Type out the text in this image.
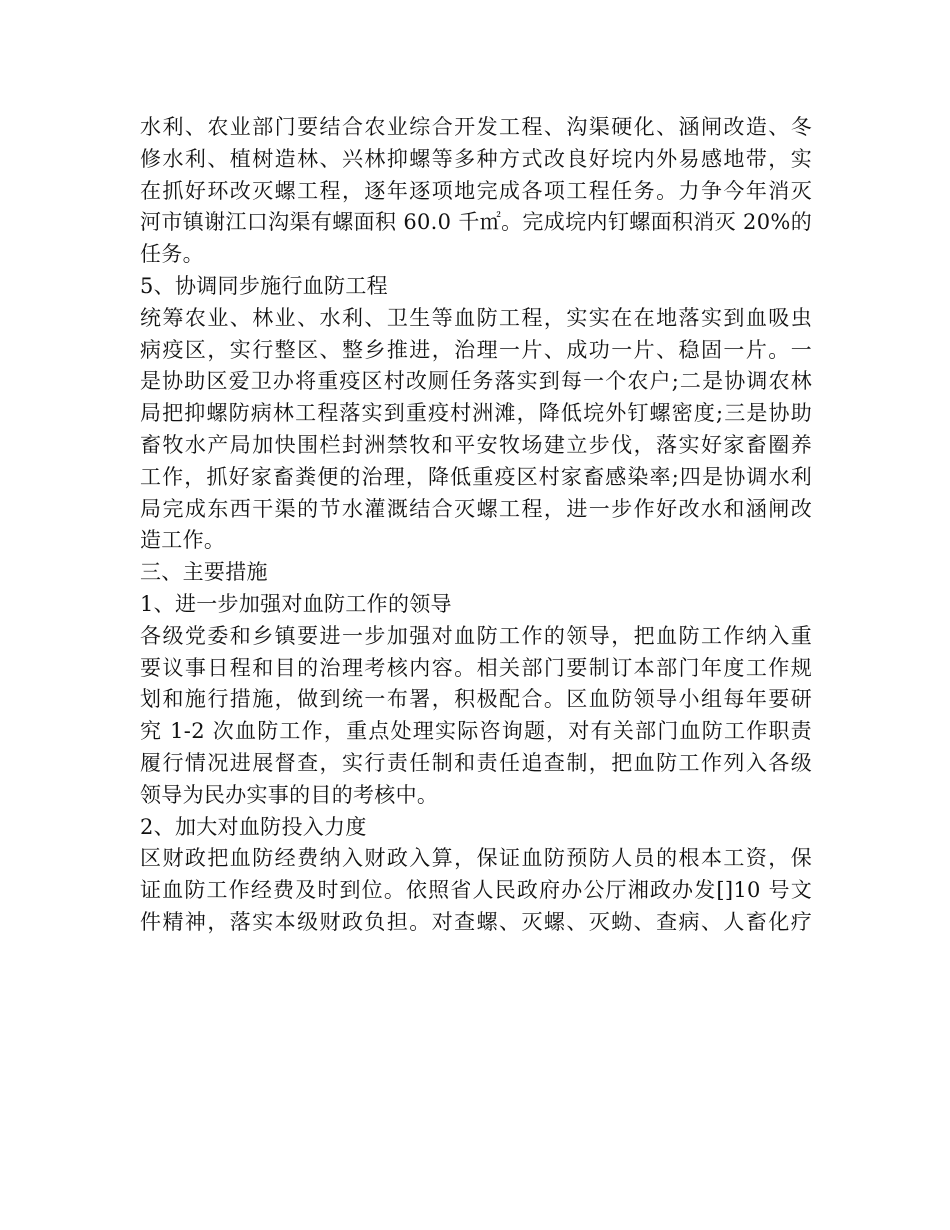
水利、农业部门要结合农业综合开发工程、沟渠硬化、涵闸改造、冬
修水利、植树造林、兴林抑螺等多种方式改良好垸内外易感地带，实
在抓好环改灭螺工程，逐年逐项地完成各项工程任务。力争今年消灭
河市镇谢江口沟渠有螺面积 60.0 千㎡。完成垸内钉螺面积消灭 20%的
任务。
5、协调同步施行血防工程
统筹农业、林业、水利、卫生等血防工程，实实在在地落实到血吸虫
病疫区，实行整区、整乡推进，治理一片、成功一片、稳固一片。一
是协助区爱卫办将重疫区村改厕任务落实到每一个农户;二是协调农林
局把抑螺防病林工程落实到重疫村洲滩，降低垸外钉螺密度;三是协助
畜牧水产局加快围栏封洲禁牧和平安牧场建立步伐，落实好家畜圈养
工作，抓好家畜粪便的治理，降低重疫区村家畜感染率;四是协调水利
局完成东西干渠的节水灌溉结合灭螺工程，进一步作好改水和涵闸改
造工作。
三、主要措施
1、进一步加强对血防工作的领导
各级党委和乡镇要进一步加强对血防工作的领导，把血防工作纳入重
要议事日程和目的治理考核内容。相关部门要制订本部门年度工作规
划和施行措施，做到统一布署，积极配合。区血防领导小组每年要研
究 1-2 次血防工作，重点处理实际咨询题，对有关部门血防工作职责
履行情况进展督查，实行责任制和责任追查制，把血防工作列入各级
领导为民办实事的目的考核中。
2、加大对血防投入力度
区财政把血防经费纳入财政入算，保证血防预防人员的根本工资，保
证血防工作经费及时到位。依照省人民政府办公厅湘政办发[]10 号文
件精神，落实本级财政负担。对查螺、灭螺、灭蚴、查病、人畜化疗
